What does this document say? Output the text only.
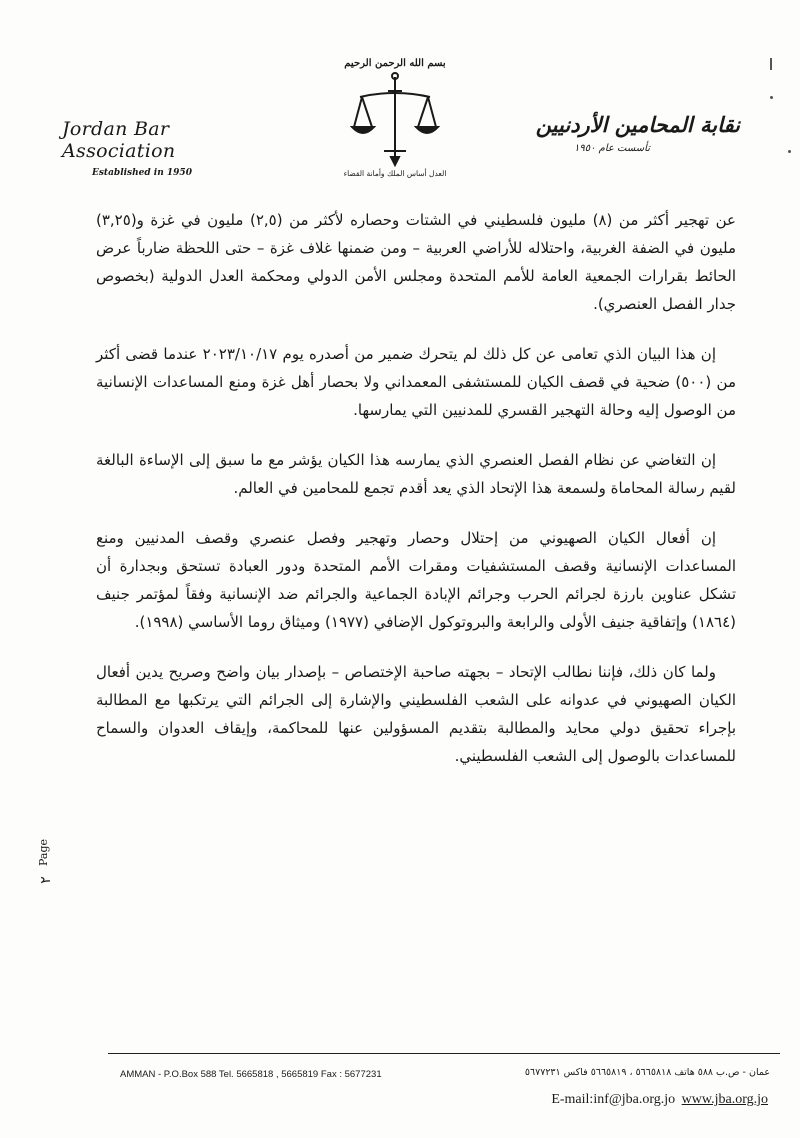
Jordan Bar Association
Established in 1950
بسم الله الرحمن الرحيم
العدل أساس الملك وأمانة القضاء
نقابة المحامين الأردنيين
تأسست عام ١٩٥٠

عن تهجير أكثر من (٨) مليون فلسطيني في الشتات وحصاره لأكثر من (٢,٥) مليون في غزة و(٣,٢٥) مليون في الضفة الغربية، واحتلاله للأراضي العربية – ومن ضمنها غلاف غزة – حتى اللحظة ضارباً عرض الحائط بقرارات الجمعية العامة للأمم المتحدة ومجلس الأمن الدولي ومحكمة العدل الدولية (بخصوص جدار الفصل العنصري).

إن هذا البيان الذي تعامى عن كل ذلك لم يتحرك ضمير من أصدره يوم ٢٠٢٣/١٠/١٧ عندما قضى أكثر من (٥٠٠) ضحية في قصف الكيان للمستشفى المعمداني ولا بحصار أهل غزة ومنع المساعدات الإنسانية من الوصول إليه وحالة التهجير القسري للمدنيين التي يمارسها.

إن التغاضي عن نظام الفصل العنصري الذي يمارسه هذا الكيان يؤشر مع ما سبق إلى الإساءة البالغة لقيم رسالة المحاماة ولسمعة هذا الإتحاد الذي يعد أقدم تجمع للمحامين في العالم.

إن أفعال الكيان الصهيوني من إحتلال وحصار وتهجير وفصل عنصري وقصف المدنيين ومنع المساعدات الإنسانية وقصف المستشفيات ومقرات الأمم المتحدة ودور العبادة تستحق وبجدارة أن تشكل عناوين بارزة لجرائم الحرب وجرائم الإبادة الجماعية والجرائم ضد الإنسانية وفقاً لمؤتمر جنيف (١٨٦٤) وإتفاقية جنيف الأولى والرابعة والبروتوكول الإضافي (١٩٧٧) وميثاق روما الأساسي (١٩٩٨).

ولما كان ذلك، فإننا نطالب الإتحاد – بجهته صاحبة الإختصاص – بإصدار بيان واضح وصريح يدين أفعال الكيان الصهيوني في عدوانه على الشعب الفلسطيني والإشارة إلى الجرائم التي يرتكبها مع المطالبة بإجراء تحقيق دولي محايد والمطالبة بتقديم المسؤولين عنها للمحاكمة، وإيقاف العدوان والسماح للمساعدات بالوصول إلى الشعب الفلسطيني.

Page
٢
AMMAN - P.O.Box 588 Tel. 5665818 , 5665819 Fax : 5677231	عمان - ص.ب ٥٨٨ هاتف ٥٦٦٥٨١٨ ، ٥٦٦٥٨١٩ فاكس ٥٦٧٧٢٣١
E-mail:inf@jba.org.jo www.jba.org.jo
